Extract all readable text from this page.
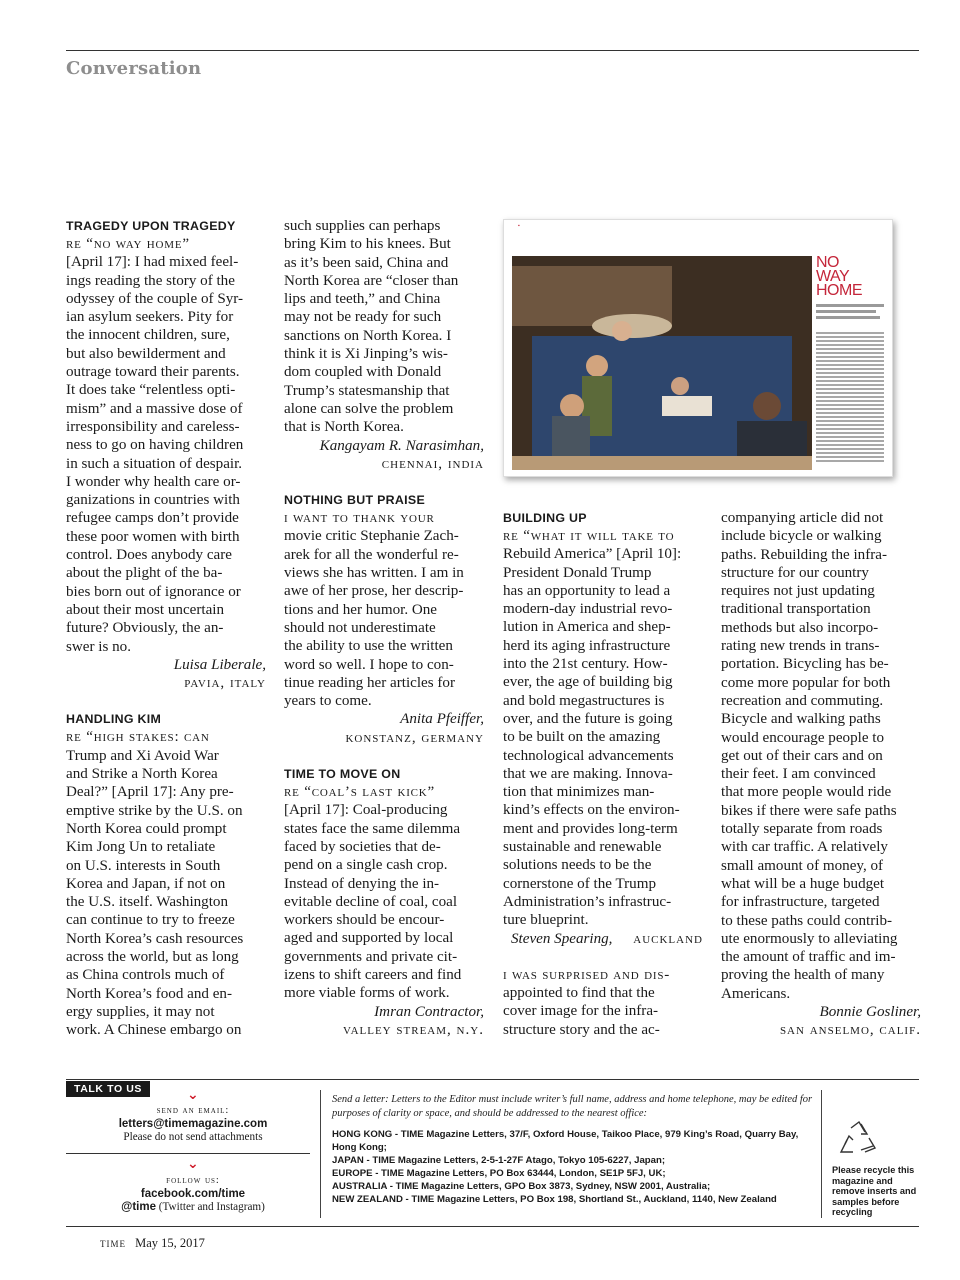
Conversation
TRAGEDY UPON TRAGEDY
re “no way home”
[April 17]: I had mixed feel-
ings reading the story of the
odyssey of the couple of Syr-
ian asylum seekers. Pity for
the innocent children, sure,
but also bewilderment and
outrage toward their parents.
It does take “relentless opti-
mism” and a massive dose of
irresponsibility and careless-
ness to go on having children
in such a situation of despair.
I wonder why health care or-
ganizations in countries with
refugee camps don’t provide
these poor women with birth
control. Does anybody care
about the plight of the ba-
bies born out of ignorance or
about their most uncertain
future? Obviously, the an-
swer is no.
Luisa Liberale,
pavia, italy
HANDLING KIM
re “high stakes: can
Trump and Xi Avoid War
and Strike a North Korea
Deal?” [April 17]: Any pre-
emptive strike by the U.S. on
North Korea could prompt
Kim Jong Un to retaliate
on U.S. interests in South
Korea and Japan, if not on
the U.S. itself. Washington
can continue to try to freeze
North Korea’s cash resources
across the world, but as long
as China controls much of
North Korea’s food and en-
ergy supplies, it may not
work. A Chinese embargo on
such supplies can perhaps
bring Kim to his knees. But
as it’s been said, China and
North Korea are “closer than
lips and teeth,” and China
may not be ready for such
sanctions on North Korea. I
think it is Xi Jinping’s wis-
dom coupled with Donald
Trump’s statesmanship that
alone can solve the problem
that is North Korea.
Kangayam R. Narasimhan,
chennai, india
NOTHING BUT PRAISE
i want to thank your
movie critic Stephanie Zach-
arek for all the wonderful re-
views she has written. I am in
awe of her prose, her descrip-
tions and her humor. One
should not underestimate
the ability to use the written
word so well. I hope to con-
tinue reading her articles for
years to come.
Anita Pfeiffer,
konstanz, germany
TIME TO MOVE ON
re “coal’s last kick”
[April 17]: Coal-producing
states face the same dilemma
faced by societies that de-
pend on a single cash crop.
Instead of denying the in-
evitable decline of coal, coal
workers should be encour-
aged and supported by local
governments and private cit-
izens to shift careers and find
more viable forms of work.
Imran Contractor,
valley stream, n.y.
▪
NO
WAY
HOME
BUILDING UP
re “what it will take to
Rebuild America” [April 10]:
President Donald Trump
has an opportunity to lead a
modern-day industrial revo-
lution in America and shep-
herd its aging infrastructure
into the 21st century. How-
ever, the age of building big
and bold megastructures is
over, and the future is going
to be built on the amazing
technological advancements
that we are making. Innova-
tion that minimizes man-
kind’s effects on the environ-
ment and provides long-term
sustainable and renewable
solutions needs to be the
cornerstone of the Trump
Administration’s infrastruc-
ture blueprint.
Steven Spearing, auckland
i was surprised and dis-
appointed to find that the
cover image for the infra-
structure story and the ac-
companying article did not
include bicycle or walking
paths. Rebuilding the infra-
structure for our country
requires not just updating
traditional transportation
methods but also incorpo-
rating new trends in trans-
portation. Bicycling has be-
come more popular for both
recreation and commuting.
Bicycle and walking paths
would encourage people to
get out of their cars and on
their feet. I am convinced
that more people would ride
bikes if there were safe paths
totally separate from roads
with car traffic. A relatively
small amount of money, of
what will be a huge budget
for infrastructure, targeted
to these paths could contrib-
ute enormously to alleviating
the amount of traffic and im-
proving the health of many
Americans.
Bonnie Gosliner,
san anselmo, calif.
TALK TO US	⌄
send an email:
letters@timemagazine.com
Please do not send attachments
⌄
follow us:
facebook.com/time
@time (Twitter and Instagram)
Send a letter: Letters to the Editor must include writer’s full name, address and home telephone, may be edited for purposes of clarity or space, and should be addressed to the nearest office:
HONG KONG - TIME Magazine Letters, 37/F, Oxford House, Taikoo Place, 979 King’s Road, Quarry Bay, Hong Kong;
JAPAN - TIME Magazine Letters, 2-5-1-27F Atago, Tokyo 105-6227, Japan;
EUROPE - TIME Magazine Letters, PO Box 63444, London, SE1P 5FJ, UK;
AUSTRALIA - TIME Magazine Letters, GPO Box 3873, Sydney, NSW 2001, Australia;
NEW ZEALAND - TIME Magazine Letters, PO Box 198, Shortland St., Auckland, 1140, New Zealand
Please recycle this magazine and remove inserts and samples before recycling
time May 15, 2017
